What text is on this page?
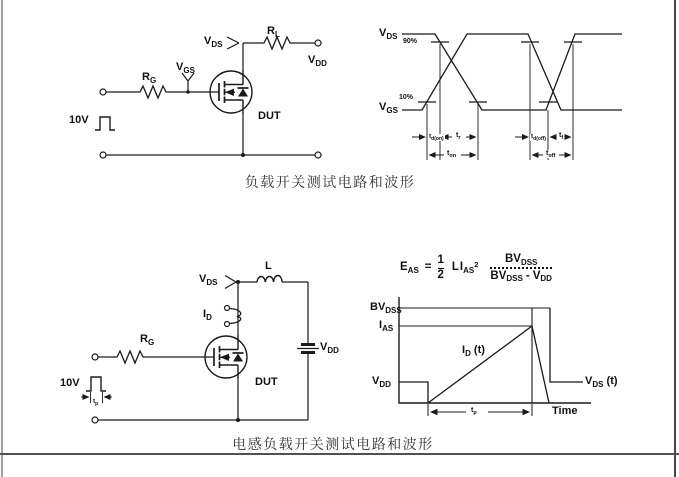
$V_{DS}$
$R_L$
$V_{DD}$
$V_{GS}$
$R_G$
DUT
10V
$V_{DS}$
90%
$V_{GS}$
10%
$t_{d(on)}$ $t_r$
$t_{on}$
$t_{d(off)}$ $t_f$
$t_{off}$
负载开关测试电路和波形
电感负载开关测试电路和波形
$V_{DS}$
L
$I_D$
$R_G$	$V_{DD}$
DUT
10V
$t_p$
$E_{AS} = \frac{1}{2}$ L $I_{AS}^2 \frac{BV_{DSS}}{BV_{DSS} - V_{DD}}$
$BV_{DSS}$
$I_{AS}$
$V_{DD}$
$I_D$ (t)
$V_{DS}$ (t)
$t_p$	Time
